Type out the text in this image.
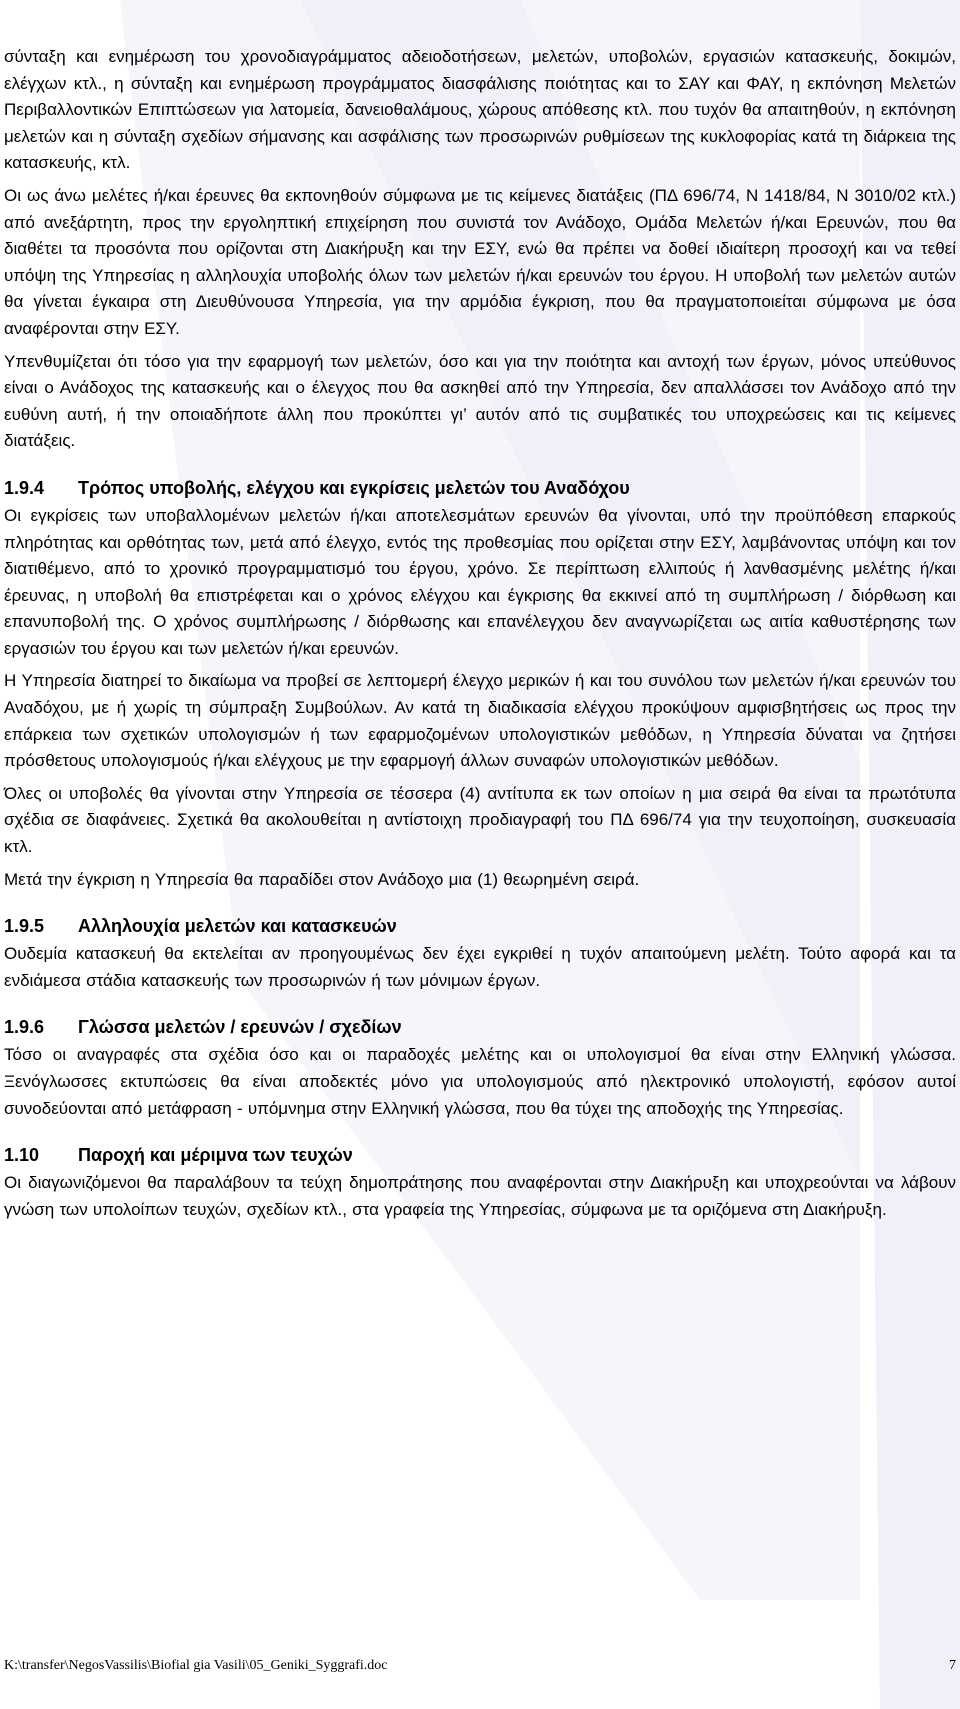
σύνταξη και ενημέρωση του χρονοδιαγράμματος αδειοδοτήσεων, μελετών, υποβολών, εργασιών κατασκευής, δοκιμών, ελέγχων κτλ., η σύνταξη και ενημέρωση προγράμματος διασφάλισης ποιότητας και το ΣΑΥ και ΦΑΥ, η εκπόνηση Μελετών Περιβαλλοντικών Επιπτώσεων για λατομεία, δανειοθαλάμους, χώρους απόθεσης κτλ. που τυχόν θα απαιτηθούν, η εκπόνηση μελετών και η σύνταξη σχεδίων σήμανσης και ασφάλισης των προσωρινών ρυθμίσεων της κυκλοφορίας κατά τη διάρκεια της κατασκευής, κτλ.

Οι ως άνω μελέτες ή/και έρευνες θα εκπονηθούν σύμφωνα με τις κείμενες διατάξεις (ΠΔ 696/74, Ν 1418/84, Ν 3010/02 κτλ.) από ανεξάρτητη, προς την εργοληπτική επιχείρηση που συνιστά τον Ανάδοχο, Ομάδα Μελετών ή/και Ερευνών, που θα διαθέτει τα προσόντα που ορίζονται στη Διακήρυξη και την ΕΣΥ, ενώ θα πρέπει να δοθεί ιδιαίτερη προσοχή και να τεθεί υπόψη της Υπηρεσίας η αλληλουχία υποβολής όλων των μελετών ή/και ερευνών του έργου. Η υποβολή των μελετών αυτών θα γίνεται έγκαιρα στη Διευθύνουσα Υπηρεσία, για την αρμόδια έγκριση, που θα πραγματοποιείται σύμφωνα με όσα αναφέρονται στην ΕΣΥ.

Υπενθυμίζεται ότι τόσο για την εφαρμογή των μελετών, όσο και για την ποιότητα και αντοχή των έργων, μόνος υπεύθυνος είναι ο Ανάδοχος της κατασκευής και ο έλεγχος που θα ασκηθεί από την Υπηρεσία, δεν απαλλάσσει τον Ανάδοχο από την ευθύνη αυτή, ή την οποιαδήποτε άλλη που προκύπτει γι’ αυτόν από τις συμβατικές του υποχρεώσεις και τις κείμενες διατάξεις.

1.9.4 Τρόπος υποβολής, ελέγχου και εγκρίσεις μελετών του Αναδόχου

Οι εγκρίσεις των υποβαλλομένων μελετών ή/και αποτελεσμάτων ερευνών θα γίνονται, υπό την προϋπόθεση επαρκούς πληρότητας και ορθότητας των, μετά από έλεγχο, εντός της προθεσμίας που ορίζεται στην ΕΣΥ, λαμβάνοντας υπόψη και τον διατιθέμενο, από το χρονικό προγραμματισμό του έργου, χρόνο. Σε περίπτωση ελλιπούς ή λανθασμένης μελέτης ή/και έρευνας, η υποβολή θα επιστρέφεται και ο χρόνος ελέγχου και έγκρισης θα εκκινεί από τη συμπλήρωση / διόρθωση και επανυποβολή της. Ο χρόνος συμπλήρωσης / διόρθωσης και επανέλεγχου δεν αναγνωρίζεται ως αιτία καθυστέρησης των εργασιών του έργου και των μελετών ή/και ερευνών.

Η Υπηρεσία διατηρεί το δικαίωμα να προβεί σε λεπτομερή έλεγχο μερικών ή και του συνόλου των μελετών ή/και ερευνών του Αναδόχου, με ή χωρίς τη σύμπραξη Συμβούλων. Αν κατά τη διαδικασία ελέγχου προκύψουν αμφισβητήσεις ως προς την επάρκεια των σχετικών υπολογισμών ή των εφαρμοζομένων υπολογιστικών μεθόδων, η Υπηρεσία δύναται να ζητήσει πρόσθετους υπολογισμούς ή/και ελέγχους με την εφαρμογή άλλων συναφών υπολογιστικών μεθόδων.

Όλες οι υποβολές θα γίνονται στην Υπηρεσία σε τέσσερα (4) αντίτυπα εκ των οποίων η μια σειρά θα είναι τα πρωτότυπα σχέδια σε διαφάνειες. Σχετικά θα ακολουθείται η αντίστοιχη προδιαγραφή του ΠΔ 696/74 για την τευχοποίηση, συσκευασία κτλ.

Μετά την έγκριση η Υπηρεσία θα παραδίδει στον Ανάδοχο μια (1) θεωρημένη σειρά.

1.9.5 Αλληλουχία μελετών και κατασκευών

Ουδεμία κατασκευή θα εκτελείται αν προηγουμένως δεν έχει εγκριθεί η τυχόν απαιτούμενη μελέτη. Τούτο αφορά και τα ενδιάμεσα στάδια κατασκευής των προσωρινών ή των μόνιμων έργων.

1.9.6 Γλώσσα μελετών / ερευνών / σχεδίων

Τόσο οι αναγραφές στα σχέδια όσο και οι παραδοχές μελέτης και οι υπολογισμοί θα είναι στην Ελληνική γλώσσα. Ξενόγλωσσες εκτυπώσεις θα είναι αποδεκτές μόνο για υπολογισμούς από ηλεκτρονικό υπολογιστή, εφόσον αυτοί συνοδεύονται από μετάφραση - υπόμνημα στην Ελληνική γλώσσα, που θα τύχει της αποδοχής της Υπηρεσίας.

1.10 Παροχή και μέριμνα των τευχών

Οι διαγωνιζόμενοι θα παραλάβουν τα τεύχη δημοπράτησης που αναφέρονται στην Διακήρυξη και υποχρεούνται να λάβουν γνώση των υπολοίπων τευχών, σχεδίων κτλ., στα γραφεία της Υπηρεσίας, σύμφωνα με τα οριζόμενα στη Διακήρυξη.

K:\transfer\NegosVassilis\Biofial gia Vasili\05_Geniki_Syggrafi.doc	7
